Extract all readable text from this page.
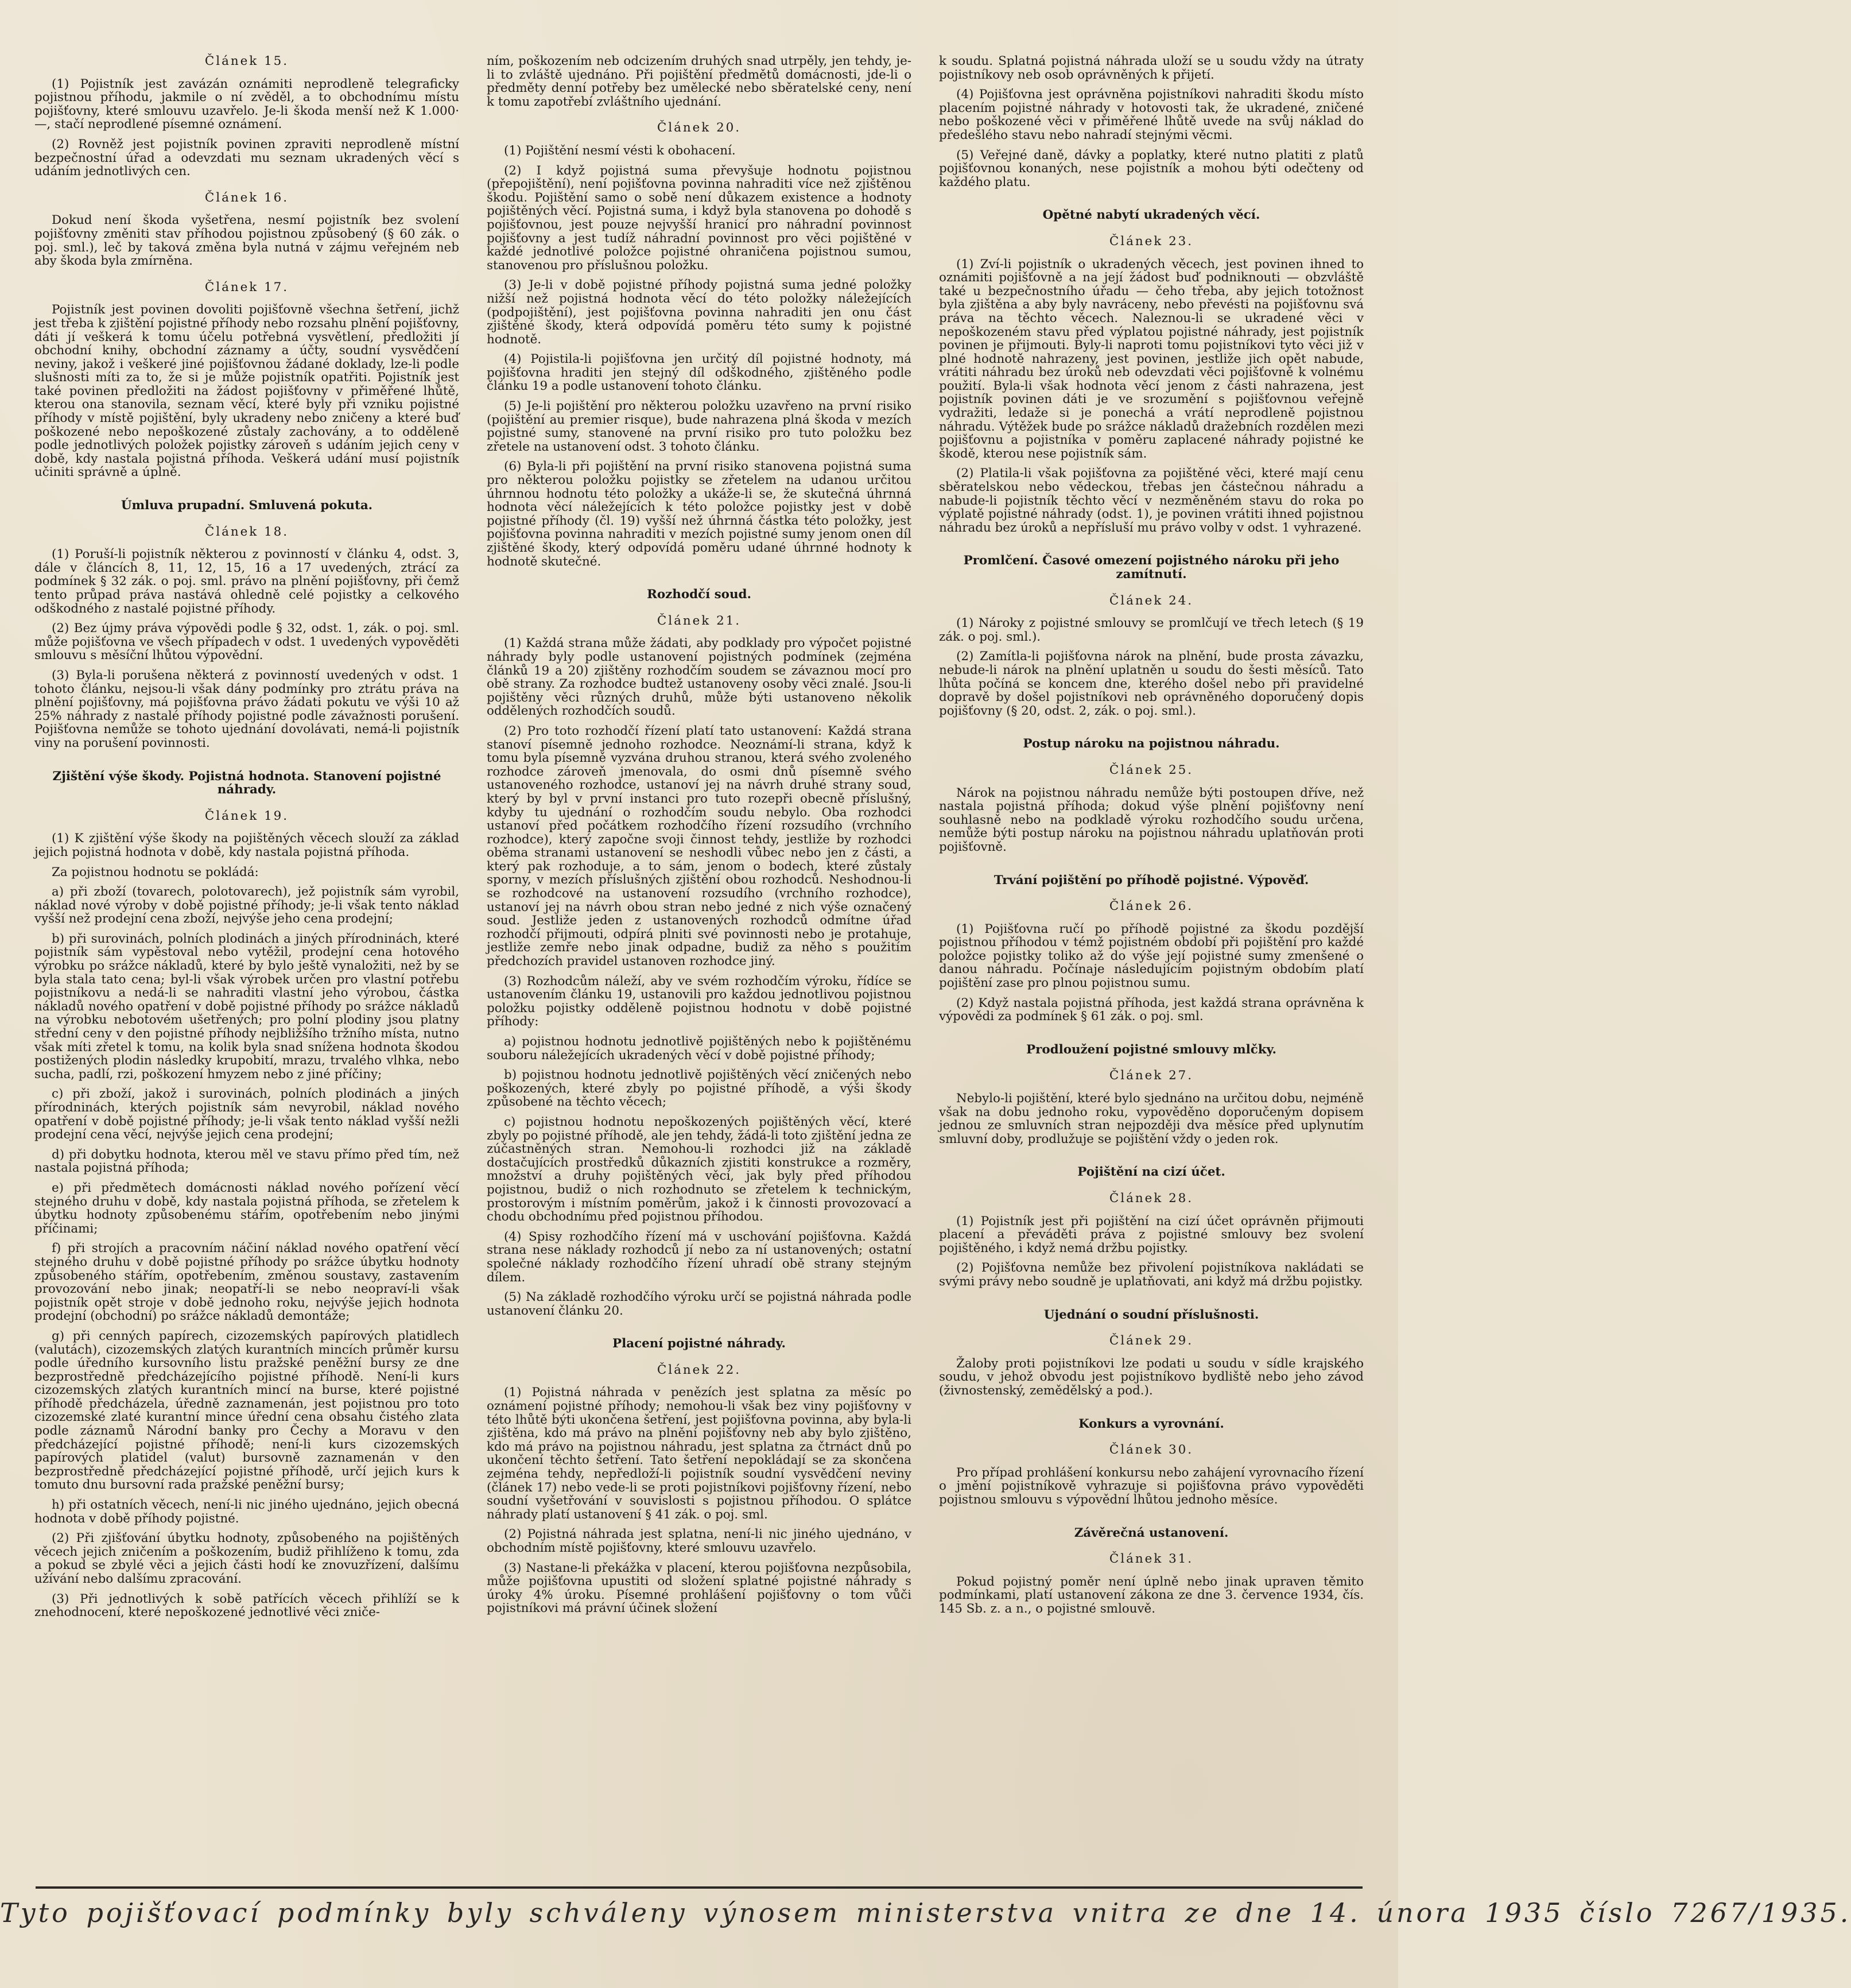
Článek 15.

(1) Pojistník jest zavázán oznámiti neprodleně telegraficky pojistnou příhodu, jakmile o ní zvěděl, a to obchodnímu místu pojišťovny, které smlouvu uzavřelo. Je-li škoda menší než K 1.000·—, stačí neprodlené písemné oznámení.

(2) Rovněž jest pojistník povinen zpraviti neprodleně místní bezpečnostní úřad a odevzdati mu seznam ukradených věcí s udáním jednotlivých cen.

Článek 16.

Dokud není škoda vyšetřena, nesmí pojistník bez svolení pojišťovny změniti stav příhodou pojistnou způsobený (§ 60 zák. o poj. sml.), leč by taková změna byla nutná v zájmu veřejném neb aby škoda byla zmírněna.

Článek 17.

Pojistník jest povinen dovoliti pojišťovně všechna šetření, jichž jest třeba k zjištění pojistné příhody nebo rozsahu plnění pojišťovny, dáti jí veškerá k tomu účelu potřebná vysvětlení, předložiti jí obchodní knihy, obchodní záznamy a účty, soudní vysvědčení neviny, jakož i veškeré jiné pojišťovnou žádané doklady, lze-li podle slušnosti míti za to, že si je může pojistník opatřiti. Pojistník jest také povinen předložiti na žádost pojišťovny v přiměřené lhůtě, kterou ona stanovila, seznam věcí, které byly při vzniku pojistné příhody v místě pojištění, byly ukradeny nebo zničeny a které buď poškozené nebo nepoškozené zůstaly zachovány, a to odděleně podle jednotlivých položek pojistky zároveň s udáním jejich ceny v době, kdy nastala pojistná příhoda. Veškerá udání musí pojistník učiniti správně a úplně.

Úmluva prupadní. Smluvená pokuta.
Článek 18.

(1) Poruší-li pojistník některou z povinností v článku 4, odst. 3, dále v článcích 8, 11, 12, 15, 16 a 17 uvedených, ztrácí za podmínek § 32 zák. o poj. sml. právo na plnění pojišťovny, při čemž tento průpad práva nastává ohledně celé pojistky a celkového odškodného z nastalé pojistné příhody.

(2) Bez újmy práva výpovědi podle § 32, odst. 1, zák. o poj. sml. může pojišťovna ve všech případech v odst. 1 uvedených vypověděti smlouvu s měsíční lhůtou výpovědní.

(3) Byla-li porušena některá z povinností uvedených v odst. 1 tohoto článku, nejsou-li však dány podmínky pro ztrátu práva na plnění pojišťovny, má pojišťovna právo žádati pokutu ve výši 10 až 25% náhrady z nastalé příhody pojistné podle závažnosti porušení. Pojišťovna nemůže se tohoto ujednání dovolávati, nemá-li pojistník viny na porušení povinnosti.

Zjištění výše škody. Pojistná hodnota. Stanovení pojistné náhrady.
Článek 19.

(1) K zjištění výše škody na pojištěných věcech slouží za základ jejich pojistná hodnota v době, kdy nastala pojistná příhoda.

Za pojistnou hodnotu se pokládá:

a) při zboží (tovarech, polotovarech), jež pojistník sám vyrobil, náklad nové výroby v době pojistné příhody; je-li však tento náklad vyšší než prodejní cena zboží, nejvýše jeho cena prodejní;

b) při surovinách, polních plodinách a jiných přírodninách, které pojistník sám vypěstoval nebo vytěžil, prodejní cena hotového výrobku po srážce nákladů, které by bylo ještě vynaložiti, než by se byla stala tato cena; byl-li však výrobek určen pro vlastní potřebu pojistníkovu a nedá-li se nahraditi vlastní jeho výrobou, částka nákladů nového opatření v době pojistné příhody po srážce nákladů na výrobku nebotovém ušetřených; pro polní plodiny jsou platny střední ceny v den pojistné příhody nejbližšího tržního místa, nutno však míti zřetel k tomu, na kolik byla snad snížena hodnota škodou postižených plodin následky krupobití, mrazu, trvalého vlhka, nebo sucha, padlí, rzi, poškození hmyzem nebo z jiné příčiny;

c) při zboží, jakož i surovinách, polních plodinách a jiných přírodninách, kterých pojistník sám nevyrobil, náklad nového opatření v době pojistné příhody; je-li však tento náklad vyšší nežli prodejní cena věcí, nejvýše jejich cena prodejní;

d) při dobytku hodnota, kterou měl ve stavu přímo před tím, než nastala pojistná příhoda;

e) při předmětech domácnosti náklad nového pořízení věcí stejného druhu v době, kdy nastala pojistná příhoda, se zřetelem k úbytku hodnoty způsobenému stářím, opotřebením nebo jinými příčinami;

f) při strojích a pracovním náčiní náklad nového opatření věcí stejného druhu v době pojistné příhody po srážce úbytku hodnoty způsobeného stářím, opotřebením, změnou soustavy, zastavením provozování nebo jinak; neopatří-li se nebo neopraví-li však pojistník opět stroje v době jednoho roku, nejvýše jejich hodnota prodejní (obchodní) po srážce nákladů demontáže;

g) při cenných papírech, cizozemských papírových platidlech (valutách), cizozemských zlatých kurantních mincích průměr kursu podle úředního kursovního listu pražské peněžní bursy ze dne bezprostředně předcházejícího pojistné příhodě. Není-li kurs cizozemských zlatých kurantních mincí na burse, které pojistné příhodě předcházela, úředně zaznamenán, jest pojistnou pro toto cizozemské zlaté kurantní mince úřední cena obsahu čistého zlata podle záznamů Národní banky pro Čechy a Moravu v den předcházející pojistné příhodě; není-li kurs cizozemských papírových platidel (valut) bursovně zaznamenán v den bezprostředně předcházející pojistné příhodě, určí jejich kurs k tomuto dnu bursovní rada pražské peněžní bursy;

h) při ostatních věcech, není-li nic jiného ujednáno, jejich obecná hodnota v době příhody pojistné.

(2) Při zjišťování úbytku hodnoty, způsobeného na pojištěných věcech jejich zničením a poškozením, budiž přihlíženo k tomu, zda a pokud se zbylé věci a jejich části hodí ke znovuzřízení, dalšímu užívání nebo dalšímu zpracování.

(3) Při jednotlivých k sobě patřících věcech přihlíží se k znehodnocení, které nepoškozené jednotlivé věci zniče-

ním, poškozením neb odcizením druhých snad utrpěly, jen tehdy, je-li to zvláště ujednáno. Při pojištění předmětů domácnosti, jde-li o předměty denní potřeby bez umělecké nebo sběratelské ceny, není k tomu zapotřebí zvláštního ujednání.

Článek 20.

(1) Pojištění nesmí vésti k obohacení.

(2) I když pojistná suma převyšuje hodnotu pojistnou (přepojištění), není pojišťovna povinna nahraditi více než zjištěnou škodu. Pojištění samo o sobě není důkazem existence a hodnoty pojištěných věcí. Pojistná suma, i když byla stanovena po dohodě s pojišťovnou, jest pouze nejvyšší hranicí pro náhradní povinnost pojišťovny a jest tudíž náhradní povinnost pro věci pojištěné v každé jednotlivé položce pojistné ohraničena pojistnou sumou, stanovenou pro příslušnou položku.

(3) Je-li v době pojistné příhody pojistná suma jedné položky nižší než pojistná hodnota věcí do této položky náležejících (podpojištění), jest pojišťovna povinna nahraditi jen onu část zjištěné škody, která odpovídá poměru této sumy k pojistné hodnotě.

(4) Pojistila-li pojišťovna jen určitý díl pojistné hodnoty, má pojišťovna hraditi jen stejný díl odškodného, zjištěného podle článku 19 a podle ustanovení tohoto článku.

(5) Je-li pojištění pro některou položku uzavřeno na první risiko (pojištění au premier risque), bude nahrazena plná škoda v mezích pojistné sumy, stanovené na první risiko pro tuto položku bez zřetele na ustanovení odst. 3 tohoto článku.

(6) Byla-li při pojištění na první risiko stanovena pojistná suma pro některou položku pojistky se zřetelem na udanou určitou úhrnnou hodnotu této položky a ukáže-li se, že skutečná úhrnná hodnota věcí náležejících k této položce pojistky jest v době pojistné příhody (čl. 19) vyšší než úhrnná částka této položky, jest pojišťovna povinna nahraditi v mezích pojistné sumy jenom onen díl zjištěné škody, který odpovídá poměru udané úhrnné hodnoty k hodnotě skutečné.

Rozhodčí soud.
Článek 21.

(1) Každá strana může žádati, aby podklady pro výpočet pojistné náhrady byly podle ustanovení pojistných podmínek (zejména článků 19 a 20) zjištěny rozhodčím soudem se závaznou mocí pro obě strany. Za rozhodce budtež ustanoveny osoby věci znalé. Jsou-li pojištěny věci různých druhů, může býti ustanoveno několik oddělených rozhodčích soudů.

(2) Pro toto rozhodčí řízení platí tato ustanovení: Každá strana stanoví písemně jednoho rozhodce. Neoznámí-li strana, když k tomu byla písemně vyzvána druhou stranou, která svého zvoleného rozhodce zároveň jmenovala, do osmi dnů písemně svého ustanoveného rozhodce, ustanoví jej na návrh druhé strany soud, který by byl v první instanci pro tuto rozepři obecně příslušný, kdyby tu ujednání o rozhodčím soudu nebylo. Oba rozhodci ustanoví před počátkem rozhodčího řízení rozsudího (vrchního rozhodce), který započne svoji činnost tehdy, jestliže by rozhodci oběma stranami ustanovení se neshodli vůbec nebo jen z části, a který pak rozhoduje, a to sám, jenom o bodech, které zůstaly sporny, v mezích příslušných zjištění obou rozhodců. Neshodnou-li se rozhodcové na ustanovení rozsudího (vrchního rozhodce), ustanoví jej na návrh obou stran nebo jedné z nich výše označený soud. Jestliže jeden z ustanovených rozhodců odmítne úřad rozhodčí přijmouti, odpírá plniti své povinnosti nebo je protahuje, jestliže zemře nebo jinak odpadne, budiž za něho s použitím předchozích pravidel ustanoven rozhodce jiný.

(3) Rozhodcům náleží, aby ve svém rozhodčím výroku, řídíce se ustanovením článku 19, ustanovili pro každou jednotlivou pojistnou položku pojistky odděleně pojistnou hodnotu v době pojistné příhody:

a) pojistnou hodnotu jednotlivě pojištěných nebo k pojištěnému souboru náležejících ukradených věcí v době pojistné příhody;

b) pojistnou hodnotu jednotlivě pojištěných věcí zničených nebo poškozených, které zbyly po pojistné příhodě, a výši škody způsobené na těchto věcech;

c) pojistnou hodnotu nepoškozených pojištěných věcí, které zbyly po pojistné příhodě, ale jen tehdy, žádá-li toto zjištění jedna ze zúčastněných stran. Nemohou-li rozhodci již na základě dostačujících prostředků důkazních zjistiti konstrukce a rozměry, množství a druhy pojištěných věcí, jak byly před příhodou pojistnou, budiž o nich rozhodnuto se zřetelem k technickým, prostorovým i místním poměrům, jakož i k činnosti provozovací a chodu obchodnímu před pojistnou příhodou.

(4) Spisy rozhodčího řízení má v uschování pojišťovna. Každá strana nese náklady rozhodců jí nebo za ní ustanovených; ostatní společné náklady rozhodčího řízení uhradí obě strany stejným dílem.

(5) Na základě rozhodčího výroku určí se pojistná náhrada podle ustanovení článku 20.

Placení pojistné náhrady.
Článek 22.

(1) Pojistná náhrada v penězích jest splatna za měsíc po oznámení pojistné příhody; nemohou-li však bez viny pojišťovny v této lhůtě býti ukončena šetření, jest pojišťovna povinna, aby byla-li zjištěna, kdo má právo na plnění pojišťovny neb aby bylo zjištěno, kdo má právo na pojistnou náhradu, jest splatna za čtrnáct dnů po ukončení těchto šetření. Tato šetření nepokládají se za skončena zejména tehdy, nepředloží-li pojistník soudní vysvědčení neviny (článek 17) nebo vede-li se proti pojistníkovi pojišťovny řízení, nebo soudní vyšetřování v souvislosti s pojistnou příhodou. O splátce náhrady platí ustanovení § 41 zák. o poj. sml.

(2) Pojistná náhrada jest splatna, není-li nic jiného ujednáno, v obchodním místě pojišťovny, které smlouvu uzavřelo.

(3) Nastane-li překážka v placení, kterou pojišťovna nezpůsobila, může pojišťovna upustiti od složení splatné pojistné náhrady s úroky 4% úroku. Písemné prohlášení pojišťovny o tom vůči pojistníkovi má právní účinek složení

k soudu. Splatná pojistná náhrada uloží se u soudu vždy na útraty pojistníkovy neb osob oprávněných k přijetí.

(4) Pojišťovna jest oprávněna pojistníkovi nahraditi škodu místo placením pojistné náhrady v hotovosti tak, že ukradené, zničené nebo poškozené věci v přiměřené lhůtě uvede na svůj náklad do předešlého stavu nebo nahradí stejnými věcmi.

(5) Veřejné daně, dávky a poplatky, které nutno platiti z platů pojišťovnou konaných, nese pojistník a mohou býti odečteny od každého platu.

Opětné nabytí ukradených věcí.
Článek 23.

(1) Zví-li pojistník o ukradených věcech, jest povinen ihned to oznámiti pojišťovně a na její žádost buď podniknouti — obzvláště také u bezpečnostního úřadu — čeho třeba, aby jejich totožnost byla zjištěna a aby byly navráceny, nebo převésti na pojišťovnu svá práva na těchto věcech. Naleznou-li se ukradené věci v nepoškozeném stavu před výplatou pojistné náhrady, jest pojistník povinen je přijmouti. Byly-li naproti tomu pojistníkovi tyto věci již v plné hodnotě nahrazeny, jest povinen, jestliže jich opět nabude, vrátiti náhradu bez úroků neb odevzdati věci pojišťovně k volnému použití. Byla-li však hodnota věcí jenom z části nahrazena, jest pojistník povinen dáti je ve srozumění s pojišťovnou veřejně vydražiti, ledaže si je ponechá a vrátí neprodleně pojistnou náhradu. Výtěžek bude po srážce nákladů dražebních rozdělen mezi pojišťovnu a pojistníka v poměru zaplacené náhrady pojistné ke škodě, kterou nese pojistník sám.

(2) Platila-li však pojišťovna za pojištěné věci, které mají cenu sběratelskou nebo vědeckou, třebas jen částečnou náhradu a nabude-li pojistník těchto věcí v nezměněném stavu do roka po výplatě pojistné náhrady (odst. 1), je povinen vrátiti ihned pojistnou náhradu bez úroků a nepřísluší mu právo volby v odst. 1 vyhrazené.

Promlčení. Časové omezení pojistného nároku při jeho zamítnutí.
Článek 24.

(1) Nároky z pojistné smlouvy se promlčují ve třech letech (§ 19 zák. o poj. sml.).

(2) Zamítla-li pojišťovna nárok na plnění, bude prosta závazku, nebude-li nárok na plnění uplatněn u soudu do šesti měsíců. Tato lhůta počíná se koncem dne, kterého došel nebo při pravidelné dopravě by došel pojistníkovi neb oprávněného doporučený dopis pojišťovny (§ 20, odst. 2, zák. o poj. sml.).

Postup nároku na pojistnou náhradu.
Článek 25.

Nárok na pojistnou náhradu nemůže býti postoupen dříve, než nastala pojistná příhoda; dokud výše plnění pojišťovny není souhlasně nebo na podkladě výroku rozhodčího soudu určena, nemůže býti postup nároku na pojistnou náhradu uplatňován proti pojišťovně.

Trvání pojištění po příhodě pojistné. Výpověď.
Článek 26.

(1) Pojišťovna ručí po příhodě pojistné za škodu pozdější pojistnou příhodou v témž pojistném období při pojištění pro každé položce pojistky toliko až do výše její pojistné sumy zmenšené o danou náhradu. Počínaje následujícím pojistným obdobím platí pojištění zase pro plnou pojistnou sumu.

(2) Když nastala pojistná příhoda, jest každá strana oprávněna k výpovědi za podmínek § 61 zák. o poj. sml.

Prodloužení pojistné smlouvy mlčky.
Článek 27.

Nebylo-li pojištění, které bylo sjednáno na určitou dobu, nejméně však na dobu jednoho roku, vypověděno doporučeným dopisem jednou ze smluvních stran nejpozději dva měsíce před uplynutím smluvní doby, prodlužuje se pojištění vždy o jeden rok.

Pojištění na cizí účet.
Článek 28.

(1) Pojistník jest při pojištění na cizí účet oprávněn přijmouti placení a převáděti práva z pojistné smlouvy bez svolení pojištěného, i když nemá držbu pojistky.

(2) Pojišťovna nemůže bez přivolení pojistníkova nakládati se svými právy nebo soudně je uplatňovati, ani když má držbu pojistky.

Ujednání o soudní příslušnosti.
Článek 29.

Žaloby proti pojistníkovi lze podati u soudu v sídle krajského soudu, v jehož obvodu jest pojistníkovo bydliště nebo jeho závod (živnostenský, zemědělský a pod.).

Konkurs a vyrovnání.
Článek 30.

Pro případ prohlášení konkursu nebo zahájení vyrovnacího řízení o jmění pojistníkově vyhrazuje si pojišťovna právo vypověděti pojistnou smlouvu s výpovědní lhůtou jednoho měsíce.

Závěrečná ustanovení.
Článek 31.

Pokud pojistný poměr není úplně nebo jinak upraven těmito podmínkami, platí ustanovení zákona ze dne 3. července 1934, čís. 145 Sb. z. a n., o pojistné smlouvě.

Tyto pojišťovací podmínky byly schváleny výnosem ministerstva vnitra ze dne 14. února 1935 číslo 7267/1935.
